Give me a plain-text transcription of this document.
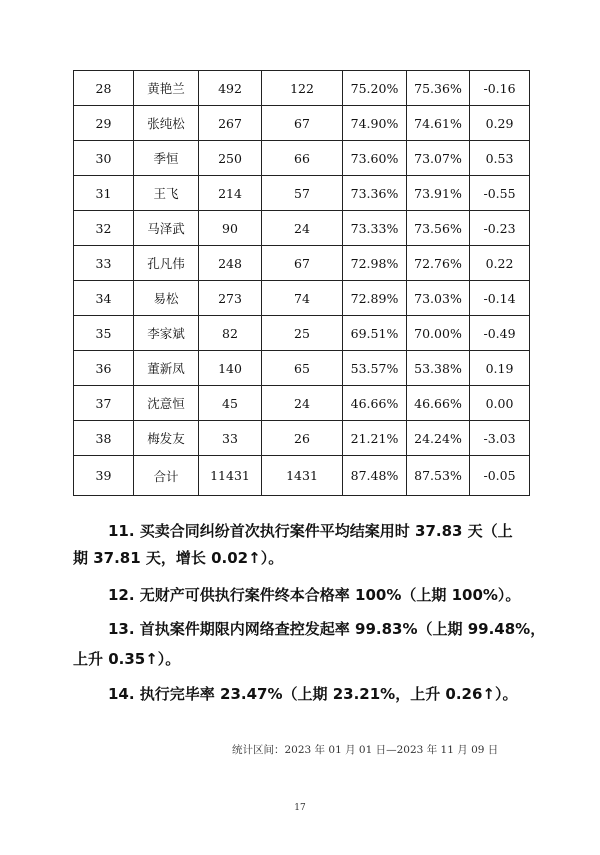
28	黄艳兰	492	122	75.20%	75.36%	-0.16
29	张纯松	267	67	74.90%	74.61%	0.29
30	季恒	250	66	73.60%	73.07%	0.53
31	王飞	214	57	73.36%	73.91%	-0.55
32	马泽武	90	24	73.33%	73.56%	-0.23
33	孔凡伟	248	67	72.98%	72.76%	0.22
34	易松	273	74	72.89%	73.03%	-0.14
35	李家斌	82	25	69.51%	70.00%	-0.49
36	董新凤	140	65	53.57%	53.38%	0.19
37	沈意恒	45	24	46.66%	46.66%	0.00
38	梅发友	33	26	21.21%	24.24%	-3.03
39	合计	11431	1431	87.48%	87.53%	-0.05
11. 买卖合同纠纷首次执行案件平均结案用时 37.83 天（上
期 37.81 天，增长 0.02↑）。
12. 无财产可供执行案件终本合格率 100%（上期 100%）。
13. 首执案件期限内网络查控发起率 99.83%（上期 99.48%，
上升 0.35↑）。
14. 执行完毕率 23.47%（上期 23.21%，上升 0.26↑）。
统计区间：2023 年 01 月 01 日—2023 年 11 月 09 日
17
